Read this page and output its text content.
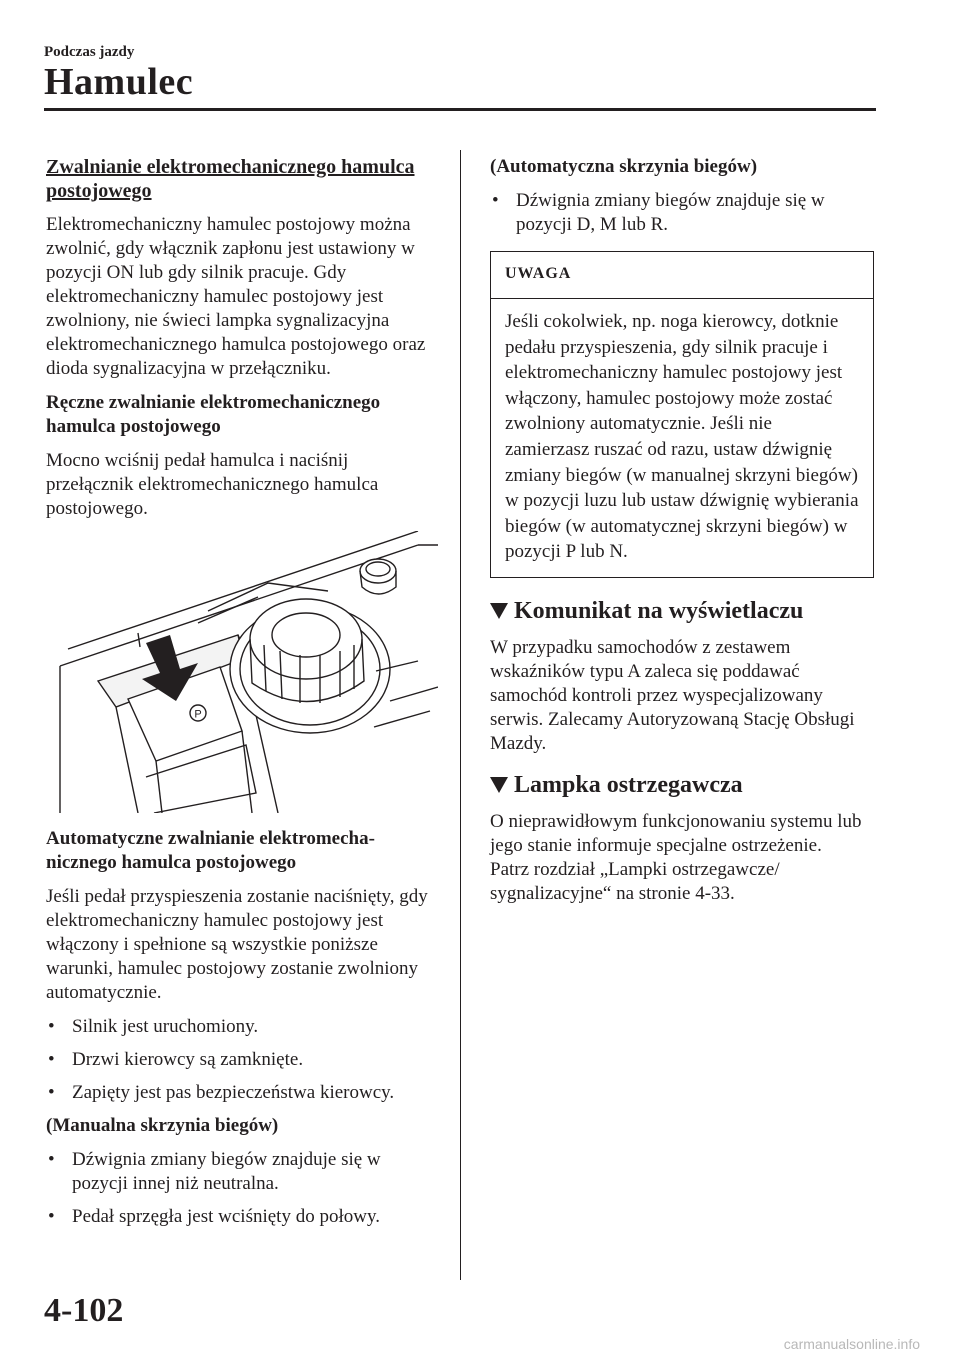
Podczas jazdy
Hamulec

Zwalnianie elektromechanicznego hamulca postojowego

Elektromechaniczny hamulec postojowy można zwolnić, gdy włącznik zapłonu jest ustawiony w pozycji ON lub gdy silnik pracuje. Gdy elektromechaniczny hamulec postojowy jest zwolniony, nie świeci lampka sygnalizacyjna elektromechanicznego hamulca postojowego oraz dioda sygnalizacyjna w przełączniku.

Ręczne zwalnianie elektromechanicznego hamulca postojowego

Mocno wciśnij pedał hamulca i naciśnij przełącznik elektromechanicznego hamulca postojowego.

P

Automatyczne zwalnianie elektromecha-nicznego hamulca postojowego

Jeśli pedał przyspieszenia zostanie naciśnięty, gdy elektromechaniczny hamulec postojowy jest włączony i spełnione są wszystkie poniższe warunki, hamulec postojowy zostanie zwolniony automatycznie.

• Silnik jest uruchomiony.
• Drzwi kierowcy są zamknięte.
• Zapięty jest pas bezpieczeństwa kierowcy.

(Manualna skrzynia biegów)

• Dźwignia zmiany biegów znajduje się w pozycji innej niż neutralna.
• Pedał sprzęgła jest wciśnięty do połowy.

(Automatyczna skrzynia biegów)

• Dźwignia zmiany biegów znajduje się w pozycji D, M lub R.
UWAGA
Jeśli cokolwiek, np. noga kierowcy, dotknie pedału przyspieszenia, gdy silnik pracuje i elektromechaniczny hamulec postojowy jest włączony, hamulec postojowy może zostać zwolniony automatycznie. Jeśli nie zamierzasz ruszać od razu, ustaw dźwignię zmiany biegów (w manualnej skrzyni biegów) w pozycji luzu lub ustaw dźwignię wybierania biegów (w automatycznej skrzyni biegów) w pozycji P lub N.
Komunikat na wyświetlaczu

W przypadku samochodów z zestawem wskaźników typu A zaleca się poddawać samochód kontroli przez wyspecjalizowany serwis. Zalecamy Autoryzowaną Stację Obsługi Mazdy.

Lampka ostrzegawcza

O nieprawidłowym funkcjonowaniu systemu lub jego stanie informuje specjalne ostrzeżenie.

Patrz rozdział „Lampki ostrzegawcze/ sygnalizacyjne“ na stronie 4-33.

4-102
carmanualsonline.info
